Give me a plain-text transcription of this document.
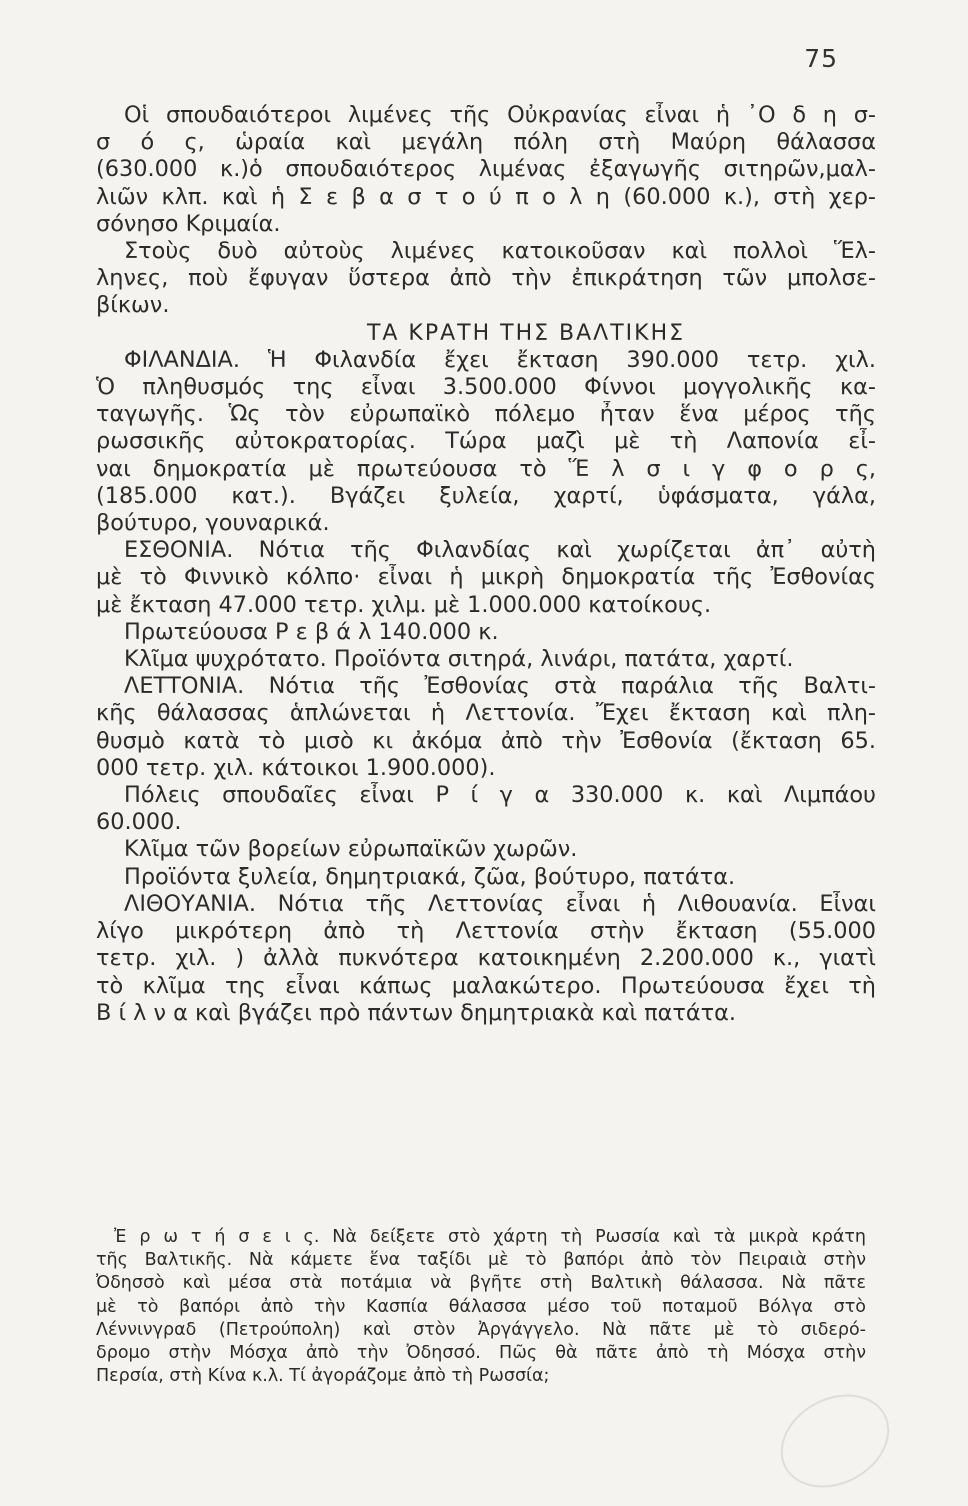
75
Οἱ σπουδαιότεροι λιμένες τῆς Οὐκρανίας εἶναι ἡ ᾿Ο δ η σ-
σ ό ς, ὡραία καὶ μεγάλη πόλη στὴ Μαύρη θάλασσα
(630.000 κ.)ὁ σπουδαιότερος λιμένας ἐξαγωγῆς σιτηρῶν,μαλ-
λιῶν κλπ. καὶ ἡ Σ ε β α σ τ ο ύ π ο λ η (60.000 κ.), στὴ χερ-
σόνησο Κριμαία.
Στοὺς δυὸ αὐτοὺς λιμένες κατοικοῦσαν καὶ πολλοὶ Ἕλ-
ληνες, ποὺ ἔφυγαν ὕστερα ἀπὸ τὴν ἐπικράτηση τῶν μπολσε-
βίκων.
ΤΑ ΚΡΑΤΗ ΤΗΣ ΒΑΛΤΙΚΗΣ
ΦΙΛΑΝΔΙΑ. Ἡ Φιλανδία ἔχει ἔκταση 390.000 τετρ. χιλ.
Ὁ πληθυσμός της εἶναι 3.500.000 Φίννοι μογγολικῆς κα-
ταγωγῆς. Ὡς τὸν εὐρωπαϊκὸ πόλεμο ἦταν ἕνα μέρος τῆς
ρωσσικῆς αὐτοκρατορίας. Τώρα μαζὶ μὲ τὴ Λαπονία εἶ-
ναι δημοκρατία μὲ πρωτεύουσα τὸ Ἕ λ σ ι γ φ ο ρ ς,
(185.000 κατ.). Βγάζει ξυλεία, χαρτί, ὑφάσματα, γάλα,
βούτυρο, γουναρικά.
ΕΣΘΟΝΙΑ. Νότια τῆς Φιλανδίας καὶ χωρίζεται ἀπ᾿ αὐτὴ
μὲ τὸ Φιννικὸ κόλπο· εἶναι ἡ μικρὴ δημοκρατία τῆς Ἐσθονίας
μὲ ἔκταση 47.000 τετρ. χιλμ. μὲ 1.000.000 κατοίκους.
Πρωτεύουσα Ρ ε β ά λ 140.000 κ.
Κλῖμα ψυχρότατο. Προϊόντα σιτηρά, λινάρι, πατάτα, χαρτί.
ΛΕΤΤΟΝΙΑ. Νότια τῆς Ἐσθονίας στὰ παράλια τῆς Βαλτι-
κῆς θάλασσας ἁπλώνεται ἡ Λεττονία. Ἔχει ἔκταση καὶ πλη-
θυσμὸ κατὰ τὸ μισὸ κι ἀκόμα ἀπὸ τὴν Ἐσθονία (ἔκταση 65.
000 τετρ. χιλ. κάτοικοι 1.900.000).
Πόλεις σπουδαῖες εἶναι Ρ ί γ α 330.000 κ. καὶ Λιμπάου
60.000.
Κλῖμα τῶν βορείων εὐρωπαϊκῶν χωρῶν.
Προϊόντα ξυλεία, δημητριακά, ζῶα, βούτυρο, πατάτα.
ΛΙΘΟΥΑΝΙΑ. Νότια τῆς Λεττονίας εἶναι ἡ Λιθουανία. Εἶναι
λίγο μικρότερη ἀπὸ τὴ Λεττονία στὴν ἔκταση (55.000
τετρ. χιλ. ) ἀλλὰ πυκνότερα κατοικημένη 2.200.000 κ., γιατὶ
τὸ κλῖμα της εἶναι κάπως μαλακώτερο. Πρωτεύουσα ἔχει τὴ
Β ί λ ν α καὶ βγάζει πρὸ πάντων δημητριακὰ καὶ πατάτα.
Ἐ ρ ω τ ή σ ε ι ς. Νὰ δείξετε στὸ χάρτη τὴ Ρωσσία καὶ τὰ μικρὰ κράτη
τῆς Βαλτικῆς. Νὰ κάμετε ἕνα ταξίδι μὲ τὸ βαπόρι ἀπὸ τὸν Πειραιὰ στὴν
Ὀδησσὸ καὶ μέσα στὰ ποτάμια νὰ βγῆτε στὴ Βαλτικὴ θάλασσα. Νὰ πᾶτε
μὲ τὸ βαπόρι ἀπὸ τὴν Κασπία θάλασσα μέσο τοῦ ποταμοῦ Βόλγα στὸ
Λέννινγραδ (Πετρούπολη) καὶ στὸν Ἀργάγγελο. Νὰ πᾶτε μὲ τὸ σιδερό-
δρομο στὴν Μόσχα ἀπὸ τὴν Ὀδησσό. Πῶς θὰ πᾶτε ἀπὸ τὴ Μόσχα στὴν
Περσία, στὴ Κίνα κ.λ. Τί ἀγοράζομε ἀπὸ τὴ Ρωσσία;
